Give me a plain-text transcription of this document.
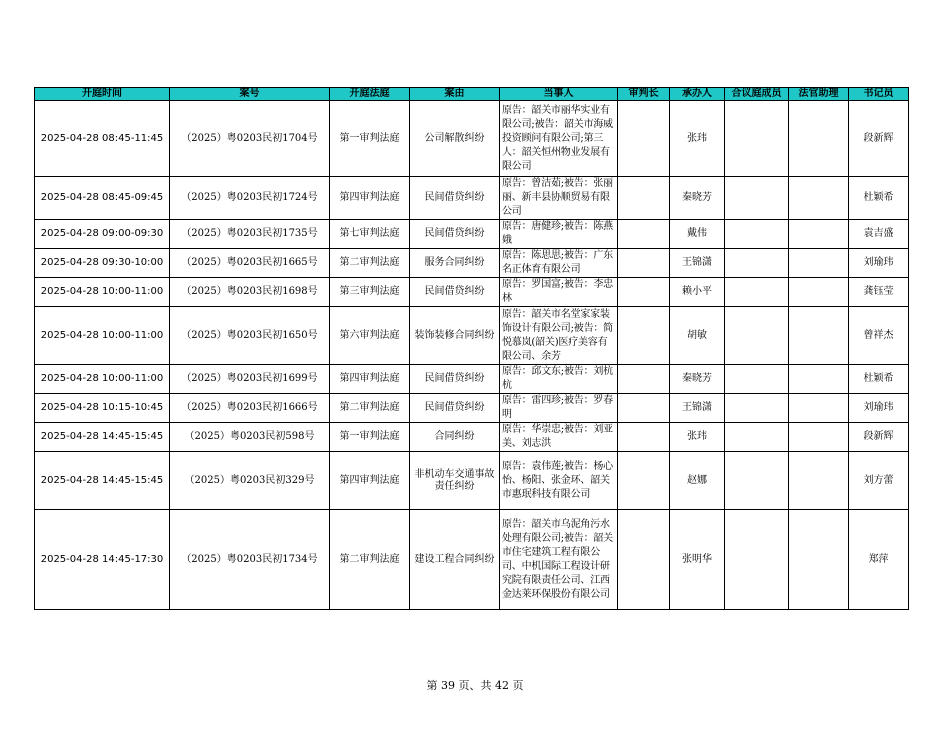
开庭时间	案号	开庭法庭	案由	当事人	审判长	承办人	合议庭成员	法官助理	书记员
2025-04-28 08:45-11:45	（2025）粤0203民初1704号	第一审判法庭	公司解散纠纷	原告：韶关市丽华实业有限公司;被告：韶关市海威投资顾问有限公司;第三人：韶关恒州物业发展有限公司		张玮			段新辉
2025-04-28 08:45-09:45	（2025）粤0203民初1724号	第四审判法庭	民间借贷纠纷	原告：曾洁茹;被告：张丽丽、新丰县协顺贸易有限公司		秦晓芳			杜颖希
2025-04-28 09:00-09:30	（2025）粤0203民初1735号	第七审判法庭	民间借贷纠纷	原告：唐健珍;被告：陈燕娥		戴伟			袁吉盛
2025-04-28 09:30-10:00	（2025）粤0203民初1665号	第二审判法庭	服务合同纠纷	原告：陈思思;被告：广东名正体育有限公司		王锦潇			刘瑜玮
2025-04-28 10:00-11:00	（2025）粤0203民初1698号	第三审判法庭	民间借贷纠纷	原告：罗国富;被告：李忠林		赖小平			龚钰莹
2025-04-28 10:00-11:00	（2025）粤0203民初1650号	第六审判法庭	装饰装修合同纠纷	原告：韶关市名堂家家装饰设计有限公司;被告：简悦慕岚(韶关)医疗美容有限公司、余芳		胡敏			曾祥杰
2025-04-28 10:00-11:00	（2025）粤0203民初1699号	第四审判法庭	民间借贷纠纷	原告：邱文东;被告：刘杭杭		秦晓芳			杜颖希
2025-04-28 10:15-10:45	（2025）粤0203民初1666号	第二审判法庭	民间借贷纠纷	原告：雷四珍;被告：罗春明		王锦潇			刘瑜玮
2025-04-28 14:45-15:45	（2025）粤0203民初598号	第一审判法庭	合同纠纷	原告：华崇忠;被告：刘亚美、刘志洪		张玮			段新辉
2025-04-28 14:45-15:45	（2025）粤0203民初329号	第四审判法庭	非机动车交通事故责任纠纷	原告：袁伟莲;被告：杨心怡、杨阳、张金环、韶关市惠珉科技有限公司		赵娜			刘方蕾
2025-04-28 14:45-17:30	（2025）粤0203民初1734号	第二审判法庭	建设工程合同纠纷	原告：韶关市乌泥角污水处理有限公司;被告：韶关市住宅建筑工程有限公司、中机国际工程设计研究院有限责任公司、江西金达莱环保股份有限公司		张明华			郑萍
第 39 页、共 42 页
